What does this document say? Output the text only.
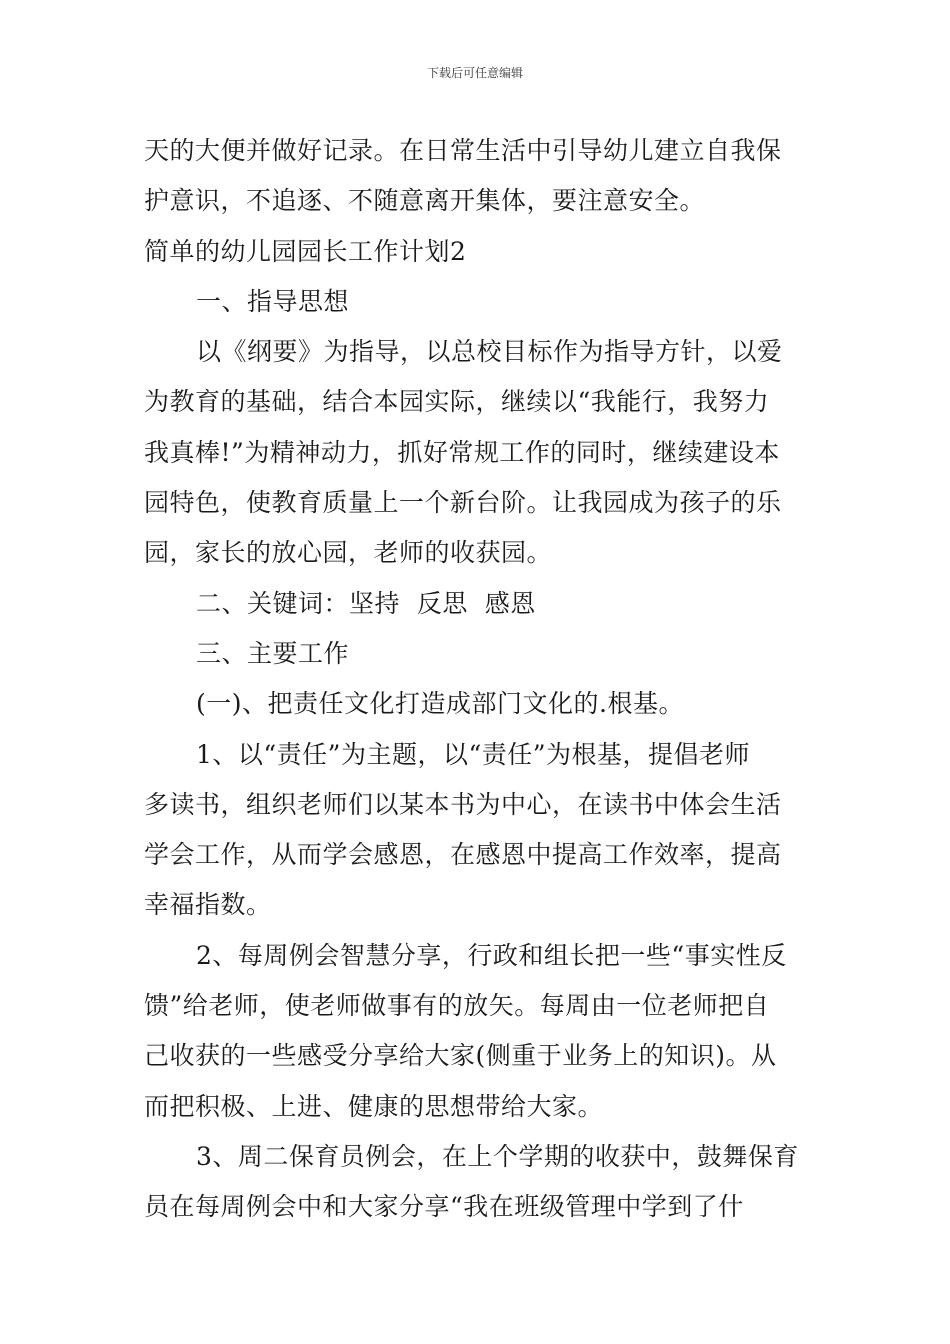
下载后可任意编辑
天的大便并做好记录。在日常生活中引导幼儿建立自我保
护意识，不追逐、不随意离开集体，要注意安全。
简单的幼儿园园长工作计划2
一、指导思想
以《纲要》为指导，以总校目标作为指导方针，以爱
为教育的基础，结合本园实际，继续以“我能行，我努力
我真棒!”为精神动力，抓好常规工作的同时，继续建设本
园特色，使教育质量上一个新台阶。让我园成为孩子的乐
园，家长的放心园，老师的收获园。
二、关键词：坚持  反思  感恩
三、主要工作
(一)、把责任文化打造成部门文化的.根基。
1、以“责任”为主题，以“责任”为根基，提倡老师
多读书，组织老师们以某本书为中心，在读书中体会生活
学会工作，从而学会感恩，在感恩中提高工作效率，提高
幸福指数。
2、每周例会智慧分享，行政和组长把一些“事实性反
馈”给老师，使老师做事有的放矢。每周由一位老师把自
己收获的一些感受分享给大家(侧重于业务上的知识)。从
而把积极、上进、健康的思想带给大家。
3、周二保育员例会，在上个学期的收获中，鼓舞保育
员在每周例会中和大家分享“我在班级管理中学到了什
